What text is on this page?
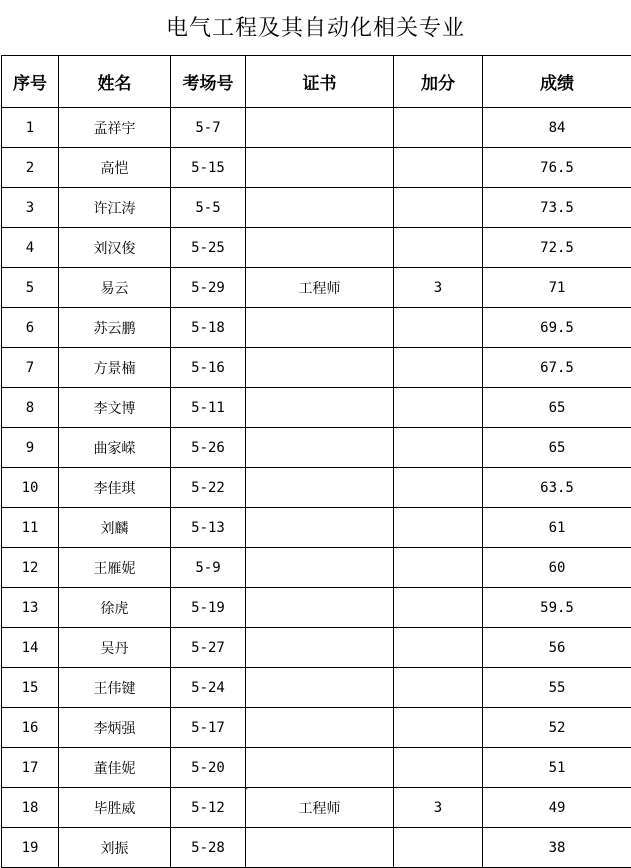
电气工程及其自动化相关专业
序号	姓名	考场号	证书	加分	成绩
1	孟祥宇	5-7			84
2	高恺	5-15			76.5
3	许江涛	5-5			73.5
4	刘汉俊	5-25			72.5
5	易云	5-29	工程师	3	71
6	苏云鹏	5-18			69.5
7	方景楠	5-16			67.5
8	李文博	5-11			65
9	曲家嵘	5-26			65
10	李佳琪	5-22			63.5
11	刘麟	5-13			61
12	王雁妮	5-9			60
13	徐虎	5-19			59.5
14	吴丹	5-27			56
15	王伟键	5-24			55
16	李炳强	5-17			52
17	董佳妮	5-20			51
18	毕胜威	5-12	工程师	3	49
19	刘振	5-28			38
